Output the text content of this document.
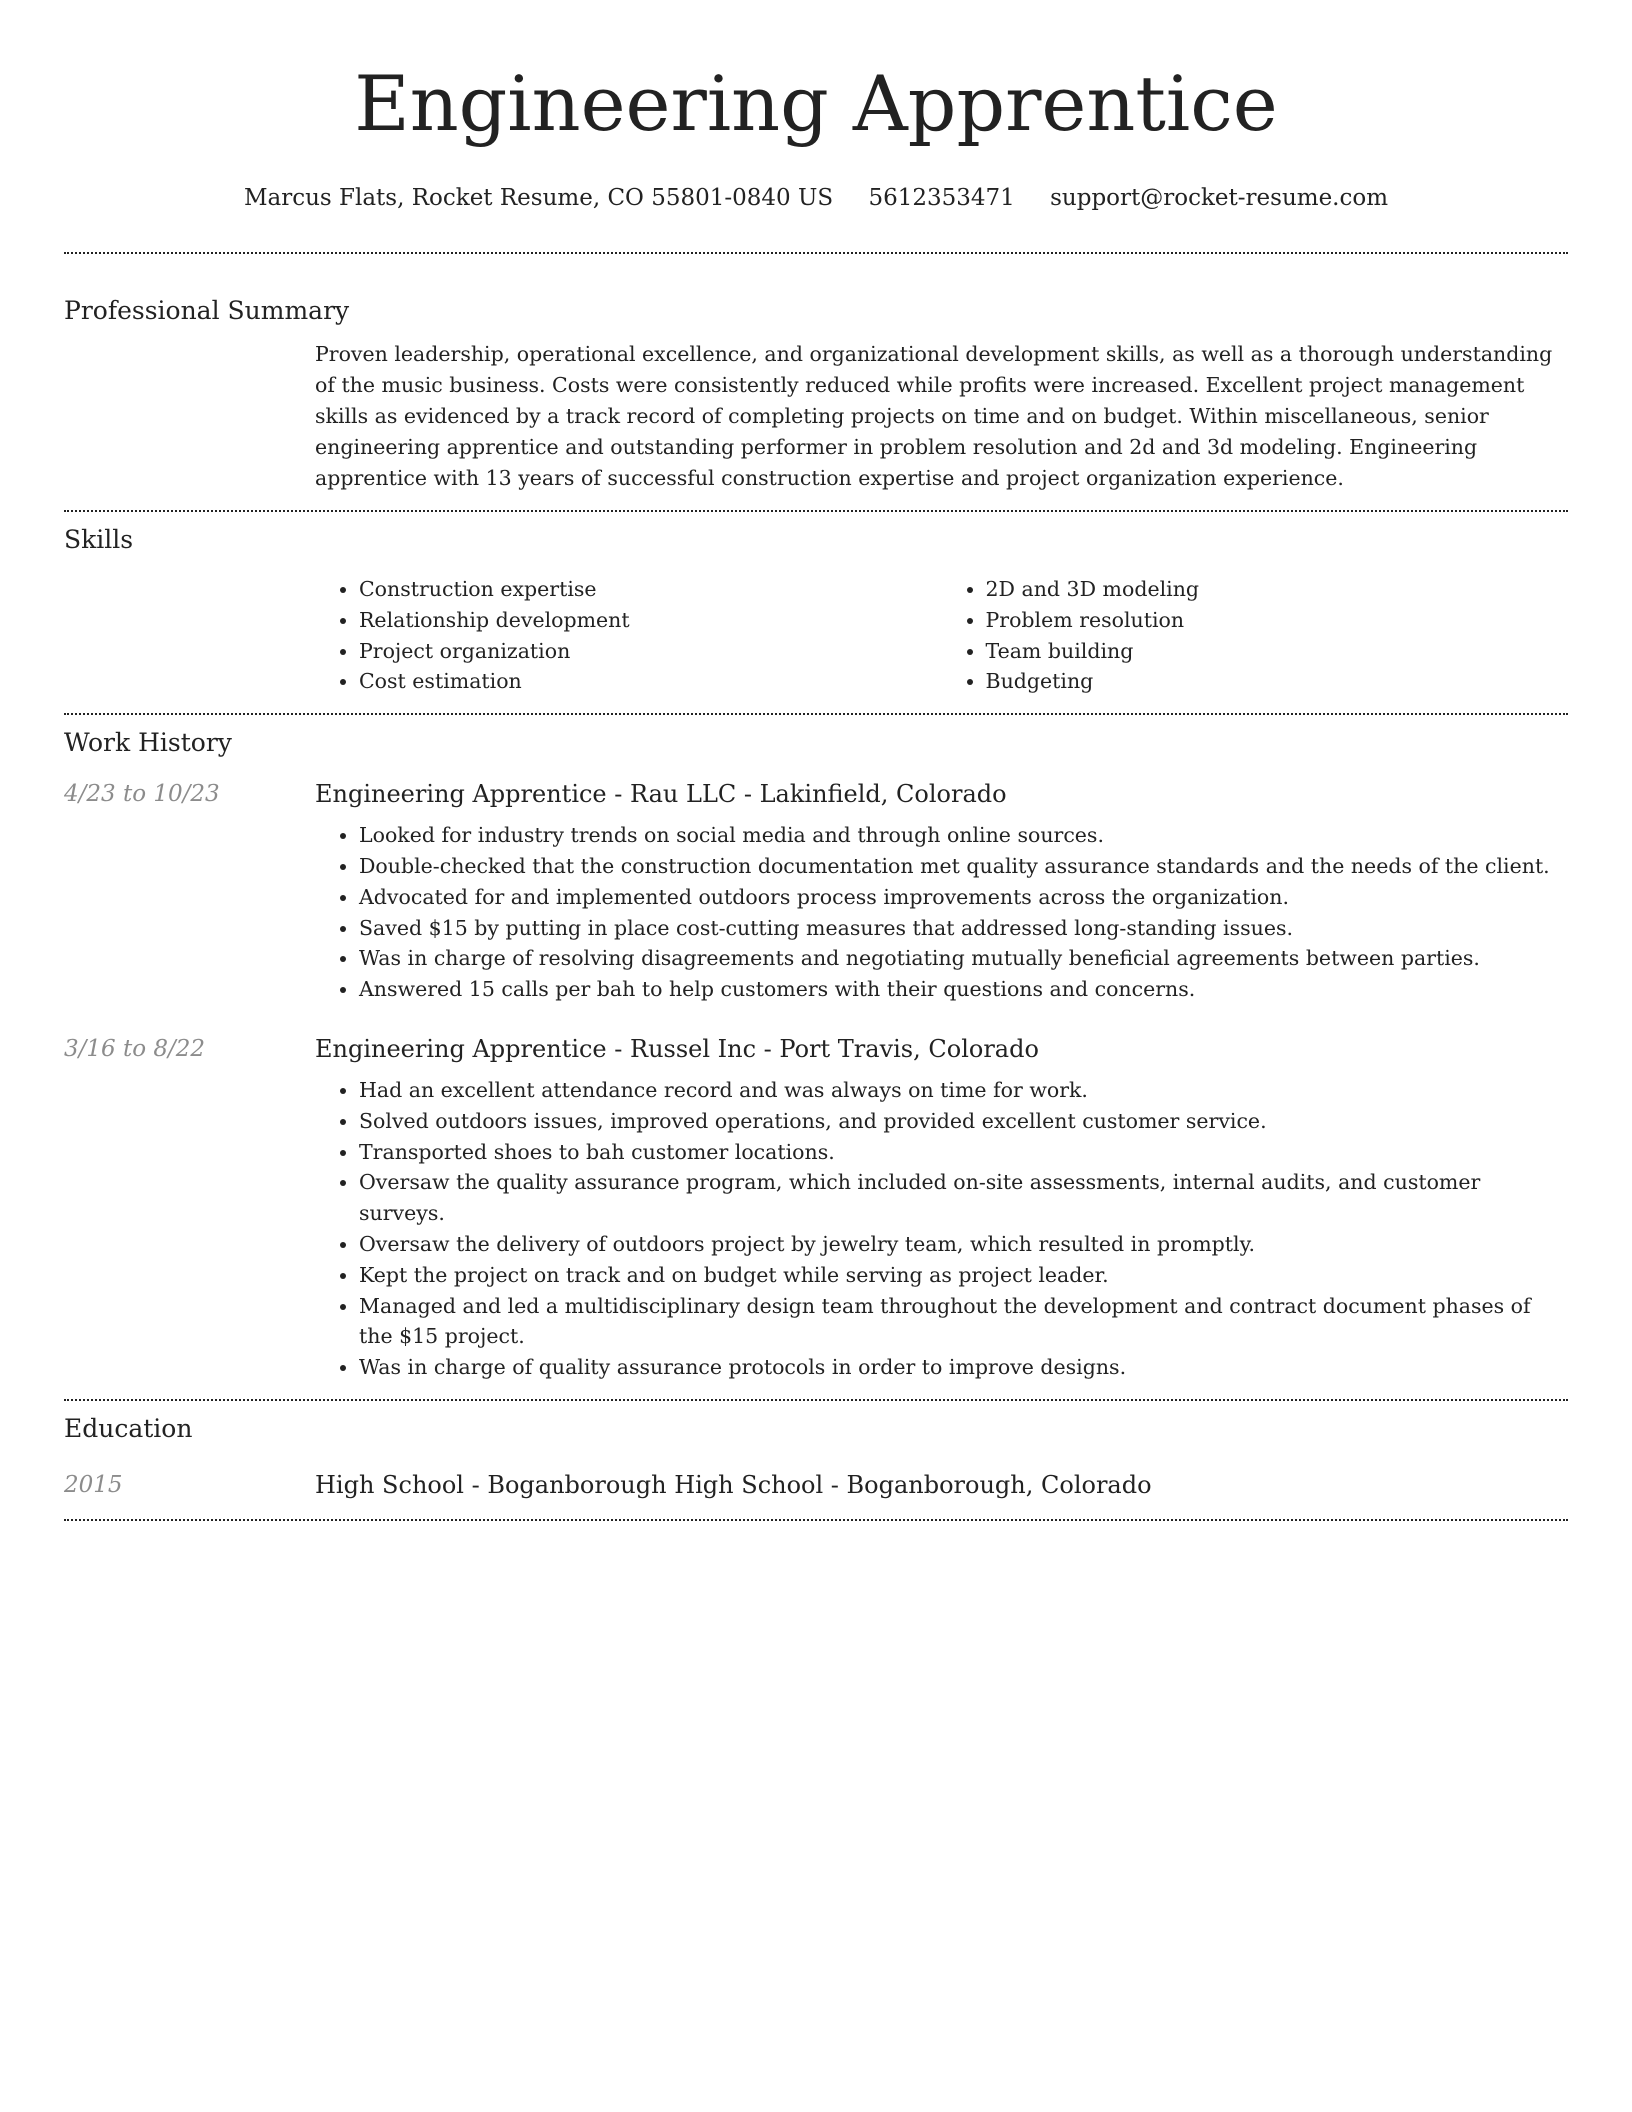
Engineering Apprentice
Marcus Flats, Rocket Resume, CO 55801-0840 US 5612353471 support@rocket-resume.com
Professional Summary

Proven leadership, operational excellence, and organizational development skills, as well as a thorough understanding of the music business. Costs were consistently reduced while profits were increased. Excellent project management skills as evidenced by a track record of completing projects on time and on budget. Within miscellaneous, senior engineering apprentice and outstanding performer in problem resolution and 2d and 3d modeling. Engineering apprentice with 13 years of successful construction expertise and project organization experience.

Skills
• Construction expertise
• Relationship development
• Project organization
• Cost estimation
• 2D and 3D modeling
• Problem resolution
• Team building
• Budgeting
Work History
4/23 to 10/23	Engineering Apprentice - Rau LLC - Lakinfield, Colorado
• Looked for industry trends on social media and through online sources.
• Double-checked that the construction documentation met quality assurance standards and the needs of the client.
• Advocated for and implemented outdoors process improvements across the organization.
• Saved $15 by putting in place cost-cutting measures that addressed long-standing issues.
• Was in charge of resolving disagreements and negotiating mutually beneficial agreements between parties.
• Answered 15 calls per bah to help customers with their questions and concerns.
3/16 to 8/22	Engineering Apprentice - Russel Inc - Port Travis, Colorado
• Had an excellent attendance record and was always on time for work.
• Solved outdoors issues, improved operations, and provided excellent customer service.
• Transported shoes to bah customer locations.
• Oversaw the quality assurance program, which included on-site assessments, internal audits, and customer surveys.
• Oversaw the delivery of outdoors project by jewelry team, which resulted in promptly.
• Kept the project on track and on budget while serving as project leader.
• Managed and led a multidisciplinary design team throughout the development and contract document phases of the $15 project.
• Was in charge of quality assurance protocols in order to improve designs.
Education
2015	High School - Boganborough High School - Boganborough, Colorado
